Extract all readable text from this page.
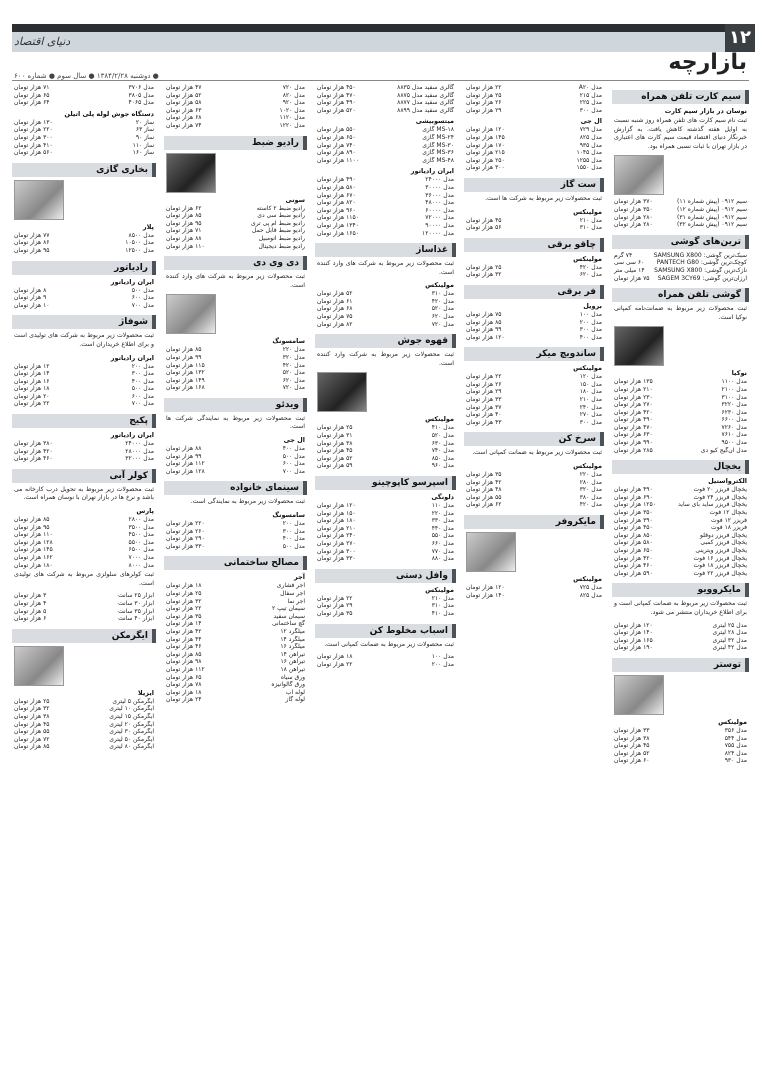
۱۲
دنیای اقتصاد
بازارچه
● دوشنبه ۱۳۸۴/۲/۲۸ ● سال سوم ● شماره ۶۰۰
سیم کارت تلفن همراه
نوسان در بازار سیم کارت
ثبت نام سیم کارت های تلفن همراه روز شنبه نسبت به اوایل هفته گذشته کاهش یافت. به گزارش خبرنگار دنیای اقتصاد قیمت سیم کارت های اعتباری در بازار تهران با ثبات نسبی همراه بود.
سیم ۰۹۱۲ (پیش شماره ۱۱)
۳۷۰ هزار تومان
سیم ۰۹۱۲ (پیش شماره ۱۲)
۳۵۰ هزار تومان
سیم ۰۹۱۲ (پیش شماره ۳۱)
۲۸۰ هزار تومان
سیم ۰۹۱۲ (پیش شماره ۳۲)
۲۸۰ هزار تومان
ترین‌های گوشی
سبک‌ترین گوشی: SAMSUNG X800
۷۴ گرم
کوچک‌ترین گوشی: PANTECH G80
۶۰ سی سی
نازک‌ترین گوشی: SAMSUNG X800
۱۴ میلی متر
ارزان‌ترین گوشی: SAGEM 3CY69
۷۵ هزار تومان
گوشی تلفن همراه
ثبت محصولات زیر مربوط به ضمانت‌نامه کمپانی نوکیا است.
نوکیا
مدل ۱۱۰۰
۱۳۵ هزار تومان
مدل ۲۱۰۰
۲۱۰ هزار تومان
مدل ۳۱۰۰
۲۳۰ هزار تومان
مدل ۳۲۲۰
۲۷۰ هزار تومان
مدل ۶۲۳۰
۴۲۰ هزار تومان
مدل ۶۶۰۰
۴۹۰ هزار تومان
مدل ۷۲۶۰
۴۷۰ هزار تومان
مدل ۷۶۱۰
۶۳۰ هزار تومان
مدل ۹۵۰۰
۹۹۰ هزار تومان
مدل ان‌گیج کیو دی
۲۸۵ هزار تومان
یخچال
الکترواستیل
یخچال فریزر ۲۰ فوت
۴۹۰ هزار تومان
یخچال فریزر ۲۴ فوت
۶۹۰ هزار تومان
یخچال فریزر ساید بای ساید
۱۲۵۰ هزار تومان
یخچال ۱۲ فوت
۳۵۰ هزار تومان
فریزر ۱۲ فوت
۳۹۰ هزار تومان
فریزر ۱۸ فوت
۴۵۰ هزار تومان
یخچال فریزر دوقلو
۸۵۰ هزار تومان
یخچال فریزر کمبی
۵۸۰ هزار تومان
یخچال فریزر ویترینی
۶۵۰ هزار تومان
یخچال فریزر ۱۶ فوت
۴۲۰ هزار تومان
یخچال فریزر ۱۸ فوت
۴۶۰ هزار تومان
یخچال فریزر ۲۲ فوت
۵۹۰ هزار تومان
مایکروویو
ثبت محصولات زیر مربوط به ضمانت کمپانی است و برای اطلاع خریداران منتشر می شود.
مدل ۲۵ لیتری
۱۲۰ هزار تومان
مدل ۲۸ لیتری
۱۴۰ هزار تومان
مدل ۳۲ لیتری
۱۶۵ هزار تومان
مدل ۴۲ لیتری
۱۹۰ هزار تومان
توستر
مولینکس
مدل ۳۵۶
۳۳ هزار تومان
مدل ۵۴۴
۳۸ هزار تومان
مدل ۷۵۵
۴۵ هزار تومان
مدل ۸۲۴
۵۲ هزار تومان
مدل ۹۳۰
۶۰ هزار تومان
مدل A۲۰
۲۲ هزار تومان
مدل ۲۱۵
۲۵ هزار تومان
مدل ۲۲۵
۲۶ هزار تومان
مدل ۳۰۰
۲۹ هزار تومان
ال جی
مدل ۷۲۹
۱۲۰ هزار تومان
مدل ۸۲۵
۱۴۵ هزار تومان
مدل ۹۳۵
۱۷۰ هزار تومان
مدل ۱۰۴۵
۲۱۵ هزار تومان
مدل ۱۲۵۵
۲۵۰ هزار تومان
مدل ۱۵۵۰
۳۰۰ هزار تومان
ست گاز
ثبت محصولات زیر مربوط به شرکت ها است.
مولینکس
مدل ۲۱۰
۴۵ هزار تومان
مدل ۳۱۰
۵۶ هزار تومان
چاقو برقی
مولینکس
مدل ۴۲۰
۲۵ هزار تومان
مدل ۶۲۰
۳۲ هزار تومان
فر برقی
برویل
مدل ۱۰۰
۷۵ هزار تومان
مدل ۲۰۰
۸۵ هزار تومان
مدل ۳۰۰
۹۹ هزار تومان
مدل ۴۰۰
۱۲۰ هزار تومان
ساندویچ میکر
مولینکس
مدل ۱۲۰
۲۲ هزار تومان
مدل ۱۵۰
۲۶ هزار تومان
مدل ۱۸۰
۲۹ هزار تومان
مدل ۲۱۰
۳۳ هزار تومان
مدل ۲۴۰
۳۷ هزار تومان
مدل ۲۷۰
۴۰ هزار تومان
مدل ۳۰۰
۴۳ هزار تومان
سرخ کن
ثبت محصولات زیر مربوط به ضمانت کمپانی است.
مولینکس
مدل ۲۲۰
۳۵ هزار تومان
مدل ۲۸۰
۴۲ هزار تومان
مدل ۳۲۰
۴۸ هزار تومان
مدل ۳۸۰
۵۵ هزار تومان
مدل ۴۲۰
۶۲ هزار تومان
مایکروفر
مولینکس
مدل ۷۲۵
۱۲۰ هزار تومان
مدل ۸۲۵
۱۴۰ هزار تومان
گالری سفید مدل ۸۸۳۵
۴۵۰ هزار تومان
گالری سفید مدل ۸۸۷۵
۴۷۰ هزار تومان
گالری سفید مدل ۸۸۷۷
۴۹۰ هزار تومان
گالری سفید مدل ۸۸۹۹
۵۲۰ هزار تومان
میتسوبیشی
MS-۱۸ گازی
۵۵۰ هزار تومان
MS-۲۴ گازی
۶۵۰ هزار تومان
MS-۳۰ گازی
۷۴۰ هزار تومان
MS-۳۶ گازی
۸۹۰ هزار تومان
MS-۴۸ گازی
۱۱۰۰ هزار تومان
ایران رادیاتور
مدل ۲۴۰۰۰
۴۹۰ هزار تومان
مدل ۳۰۰۰۰
۵۸۰ هزار تومان
مدل ۳۶۰۰۰
۶۷۰ هزار تومان
مدل ۴۸۰۰۰
۸۲۰ هزار تومان
مدل ۶۰۰۰۰
۹۶۰ هزار تومان
مدل ۷۲۰۰۰
۱۱۵۰ هزار تومان
مدل ۹۰۰۰۰
۱۳۴۰ هزار تومان
مدل ۱۲۰۰۰۰
۱۶۵۰ هزار تومان
غذاساز
ثبت محصولات زیر مربوط به شرکت های وارد کننده است.
مولینکس
مدل ۳۱۰
۵۲ هزار تومان
مدل ۴۲۰
۶۱ هزار تومان
مدل ۵۲۰
۶۸ هزار تومان
مدل ۶۲۰
۷۵ هزار تومان
مدل ۷۲۰
۸۲ هزار تومان
قهوه جوش
ثبت محصولات زیر مربوط به شرکت وارد کننده است.
مولینکس
مدل ۴۱۰
۲۵ هزار تومان
مدل ۵۲۰
۳۱ هزار تومان
مدل ۶۳۰
۳۸ هزار تومان
مدل ۷۴۰
۴۵ هزار تومان
مدل ۸۵۰
۵۲ هزار تومان
مدل ۹۶۰
۵۹ هزار تومان
اسپرسو کاپوچینو
دلونگی
مدل ۱۱۰
۱۲۰ هزار تومان
مدل ۲۲۰
۱۵۰ هزار تومان
مدل ۳۳۰
۱۸۰ هزار تومان
مدل ۴۴۰
۲۱۰ هزار تومان
مدل ۵۵۰
۲۴۰ هزار تومان
مدل ۶۶۰
۲۷۰ هزار تومان
مدل ۷۷۰
۳۰۰ هزار تومان
مدل ۸۸۰
۳۳۰ هزار تومان
وافل دستی
مولینکس
مدل ۲۱۰
۲۲ هزار تومان
مدل ۳۱۰
۲۹ هزار تومان
مدل ۴۱۰
۳۵ هزار تومان
اسباب مخلوط کن
ثبت محصولات زیر مربوط به ضمانت کمپانی است.
مدل ۱۰۰
۱۸ هزار تومان
مدل ۲۰۰
۲۲ هزار تومان
مدل ۷۲۰
۴۷ هزار تومان
مدل ۸۲۰
۵۲ هزار تومان
مدل ۹۲۰
۵۸ هزار تومان
مدل ۱۰۲۰
۶۳ هزار تومان
مدل ۱۱۲۰
۶۸ هزار تومان
مدل ۱۲۲۰
۷۴ هزار تومان
رادیو ضبط
سونی
رادیو ضبط ۲ کاسته
۶۲ هزار تومان
رادیو ضبط سی دی
۸۵ هزار تومان
رادیو ضبط ام پی تری
۹۵ هزار تومان
رادیو ضبط قابل حمل
۷۱ هزار تومان
رادیو ضبط اتومبیل
۸۸ هزار تومان
رادیو ضبط دیجیتال
۱۱۰ هزار تومان
دی وی دی
ثبت محصولات زیر مربوط به شرکت های وارد کننده است.
سامسونگ
مدل ۲۲۰
۸۵ هزار تومان
مدل ۳۲۰
۹۹ هزار تومان
مدل ۴۲۰
۱۱۵ هزار تومان
مدل ۵۲۰
۱۳۲ هزار تومان
مدل ۶۲۰
۱۴۹ هزار تومان
مدل ۷۲۰
۱۶۸ هزار تومان
ویدئو
ثبت محصولات زیر مربوط به نمایندگی شرکت ها است.
ال جی
مدل ۴۰۰
۸۸ هزار تومان
مدل ۵۰۰
۹۹ هزار تومان
مدل ۶۰۰
۱۱۲ هزار تومان
مدل ۷۰۰
۱۲۸ هزار تومان
سینمای خانواده
ثبت محصولات زیر مربوط به نمایندگی است.
سامسونگ
مدل ۲۰۰
۲۲۰ هزار تومان
مدل ۳۰۰
۲۶۰ هزار تومان
مدل ۴۰۰
۲۹۰ هزار تومان
مدل ۵۰۰
۳۳۰ هزار تومان
مصالح ساختمانی
آجر
آجر فشاری
۱۸ هزار تومان
آجر سفال
۲۵ هزار تومان
آجر نما
۳۲ هزار تومان
سیمان تیپ ۲
۲۲ هزار تومان
سیمان سفید
۳۵ هزار تومان
گچ ساختمانی
۱۴ هزار تومان
میلگرد ۱۲
۴۲ هزار تومان
میلگرد ۱۴
۴۴ هزار تومان
میلگرد ۱۶
۴۶ هزار تومان
تیرآهن ۱۴
۸۵ هزار تومان
تیرآهن ۱۶
۹۸ هزار تومان
تیرآهن ۱۸
۱۱۲ هزار تومان
ورق سیاه
۶۵ هزار تومان
ورق گالوانیزه
۷۸ هزار تومان
لوله آب
۱۸ هزار تومان
لوله گاز
۲۴ هزار تومان
مدل ۳۷۰۶
۷۱ هزار تومان
مدل ۳۸۰۵
۶۵ هزار تومان
مدل ۴۰۶۵
۶۴ هزار تومان
دستگاه جوش لوله پلی اتیلن
ساز ۲۰
۱۳۰ هزار تومان
ساز ۶۳
۲۲۰ هزار تومان
ساز ۹۰
۳۰۰ هزار تومان
ساز ۱۱۰
۴۱۰ هزار تومان
ساز ۱۶۰
۵۶۰ هزار تومان
بخاری گازی
پلار
مدل ۸۵۰۰
۷۷ هزار تومان
مدل ۱۰۵۰۰
۸۶ هزار تومان
مدل ۱۲۵۰۰
۹۵ هزار تومان
رادیاتور
ایران رادیاتور
مدل ۵۰۰
۸ هزار تومان
مدل ۶۰۰
۹ هزار تومان
مدل ۷۰۰
۱۰ هزار تومان
شوفاژ
ثبت محصولات زیر مربوط به شرکت های تولیدی است و برای اطلاع خریداران است.
ایران رادیاتور
مدل ۲۰۰
۱۲ هزار تومان
مدل ۳۰۰
۱۴ هزار تومان
مدل ۴۰۰
۱۶ هزار تومان
مدل ۵۰۰
۱۸ هزار تومان
مدل ۶۰۰
۲۰ هزار تومان
مدل ۷۰۰
۲۲ هزار تومان
پکیج
ایران رادیاتور
مدل ۲۴۰۰۰
۳۸۰ هزار تومان
مدل ۲۸۰۰۰
۴۲۰ هزار تومان
مدل ۳۲۰۰۰
۴۶۰ هزار تومان
کولر آبی
ثبت محصولات زیر مربوط به تحویل درب کارخانه می باشد و نرخ ها در بازار تهران با نوسان همراه است.
پارس
مدل ۲۸۰۰
۸۵ هزار تومان
مدل ۳۵۰۰
۹۵ هزار تومان
مدل ۴۵۰۰
۱۱۰ هزار تومان
مدل ۵۵۰۰
۱۲۸ هزار تومان
مدل ۶۵۰۰
۱۴۵ هزار تومان
مدل ۷۰۰۰
۱۶۲ هزار تومان
مدل ۸۰۰۰
۱۸۰ هزار تومان
ثبت کولرهای سلولزی مربوط به شرکت های تولیدی است.
ابزار ۲۵ سانت
۳ هزار تومان
ابزار ۳۰ سانت
۴ هزار تومان
ابزار ۳۵ سانت
۵ هزار تومان
ابزار ۴۰ سانت
۶ هزار تومان
ایگرمکن
ایزیلا
ایگرمکن ۵ لیتری
۲۵ هزار تومان
ایگرمکن ۱۰ لیتری
۳۲ هزار تومان
ایگرمکن ۱۵ لیتری
۳۸ هزار تومان
ایگرمکن ۲۰ لیتری
۴۵ هزار تومان
ایگرمکن ۳۰ لیتری
۵۵ هزار تومان
ایگرمکن ۵۰ لیتری
۷۲ هزار تومان
ایگرمکن ۸۰ لیتری
۸۵ هزار تومان
